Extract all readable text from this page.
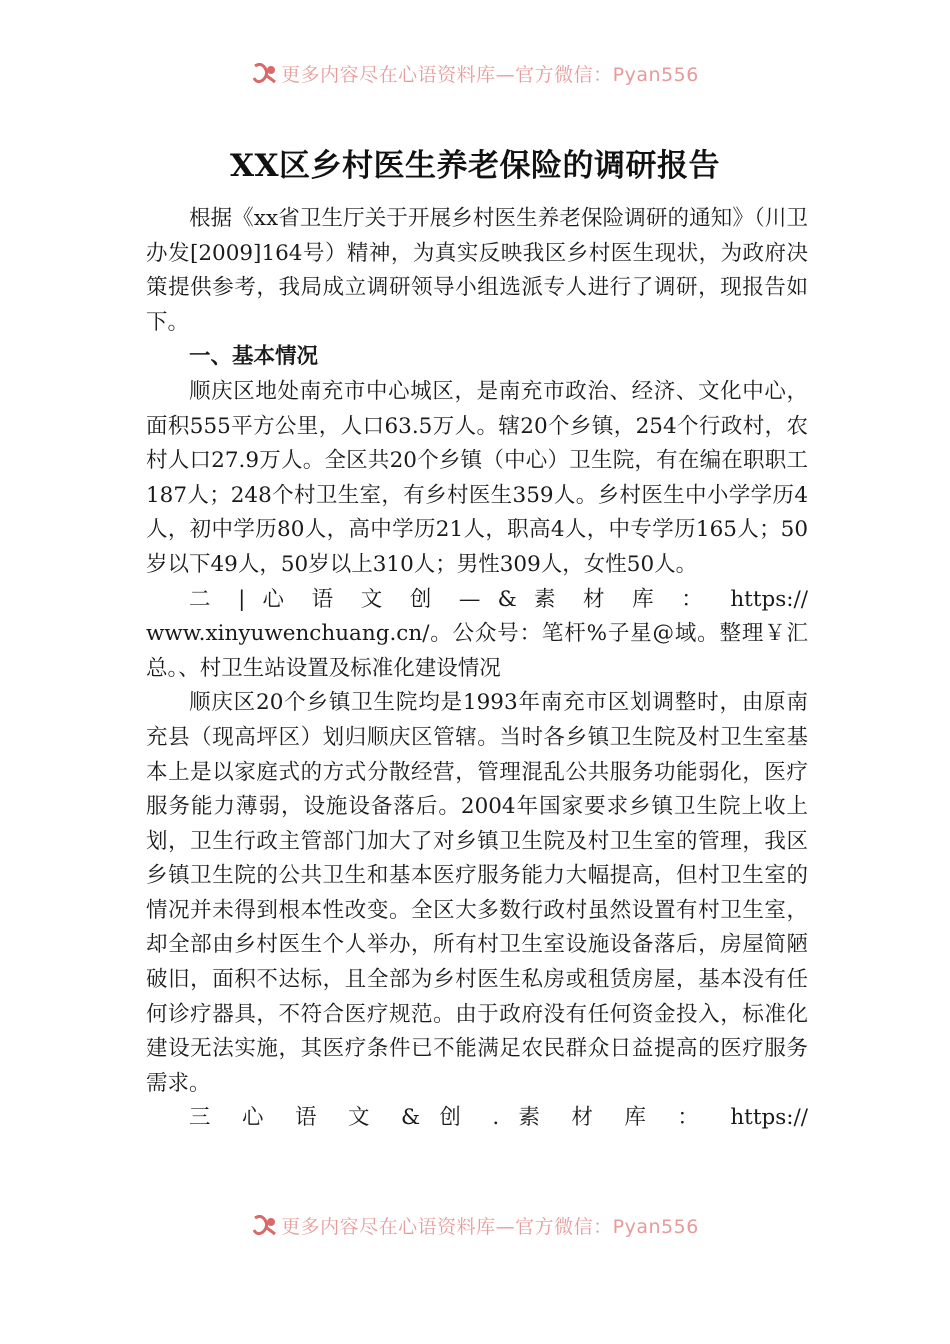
更多内容尽在心语资料库—官方微信：Pyan556
XX区乡村医生养老保险的调研报告

根据《xx省卫生厅关于开展乡村医生养老保险调研的通知》（川卫办发[2009]164号）精神，为真实反映我区乡村医生现状，为政府决策提供参考，我局成立调研领导小组选派专人进行了调研，现报告如下。

一、基本情况

顺庆区地处南充市中心城区，是南充市政治、经济、文化中心，面积555平方公里，人口63.5万人。辖20个乡镇，254个行政村，农村人口27.9万人。全区共20个乡镇（中心）卫生院，有在编在职职工187人；248个村卫生室，有乡村医生359人。乡村医生中小学学历4人，初中学历80人，高中学历21人，职高4人，中专学历165人；50岁以下49人，50岁以上310人；男性309人，女性50人。

二 | 心 语 文 创 — & 素 材 库 ： https://

www.xinyuwenchuang.cn/。公众号：笔杆%子星@域。整理￥汇总。、村卫生站设置及标准化建设情况

顺庆区20个乡镇卫生院均是1993年南充市区划调整时，由原南充县（现高坪区）划归顺庆区管辖。当时各乡镇卫生院及村卫生室基本上是以家庭式的方式分散经营，管理混乱公共服务功能弱化，医疗服务能力薄弱，设施设备落后。2004年国家要求乡镇卫生院上收上划，卫生行政主管部门加大了对乡镇卫生院及村卫生室的管理，我区乡镇卫生院的公共卫生和基本医疗服务能力大幅提高，但村卫生室的情况并未得到根本性改变。全区大多数行政村虽然设置有村卫生室，却全部由乡村医生个人举办，所有村卫生室设施设备落后，房屋简陋破旧，面积不达标，且全部为乡村医生私房或租赁房屋，基本没有任何诊疗器具，不符合医疗规范。由于政府没有任何资金投入，标准化建设无法实施，其医疗条件已不能满足农民群众日益提高的医疗服务需求。

三 心 语 文 & 创 . 素 材 库 ： https://

更多内容尽在心语资料库—官方微信：Pyan556
